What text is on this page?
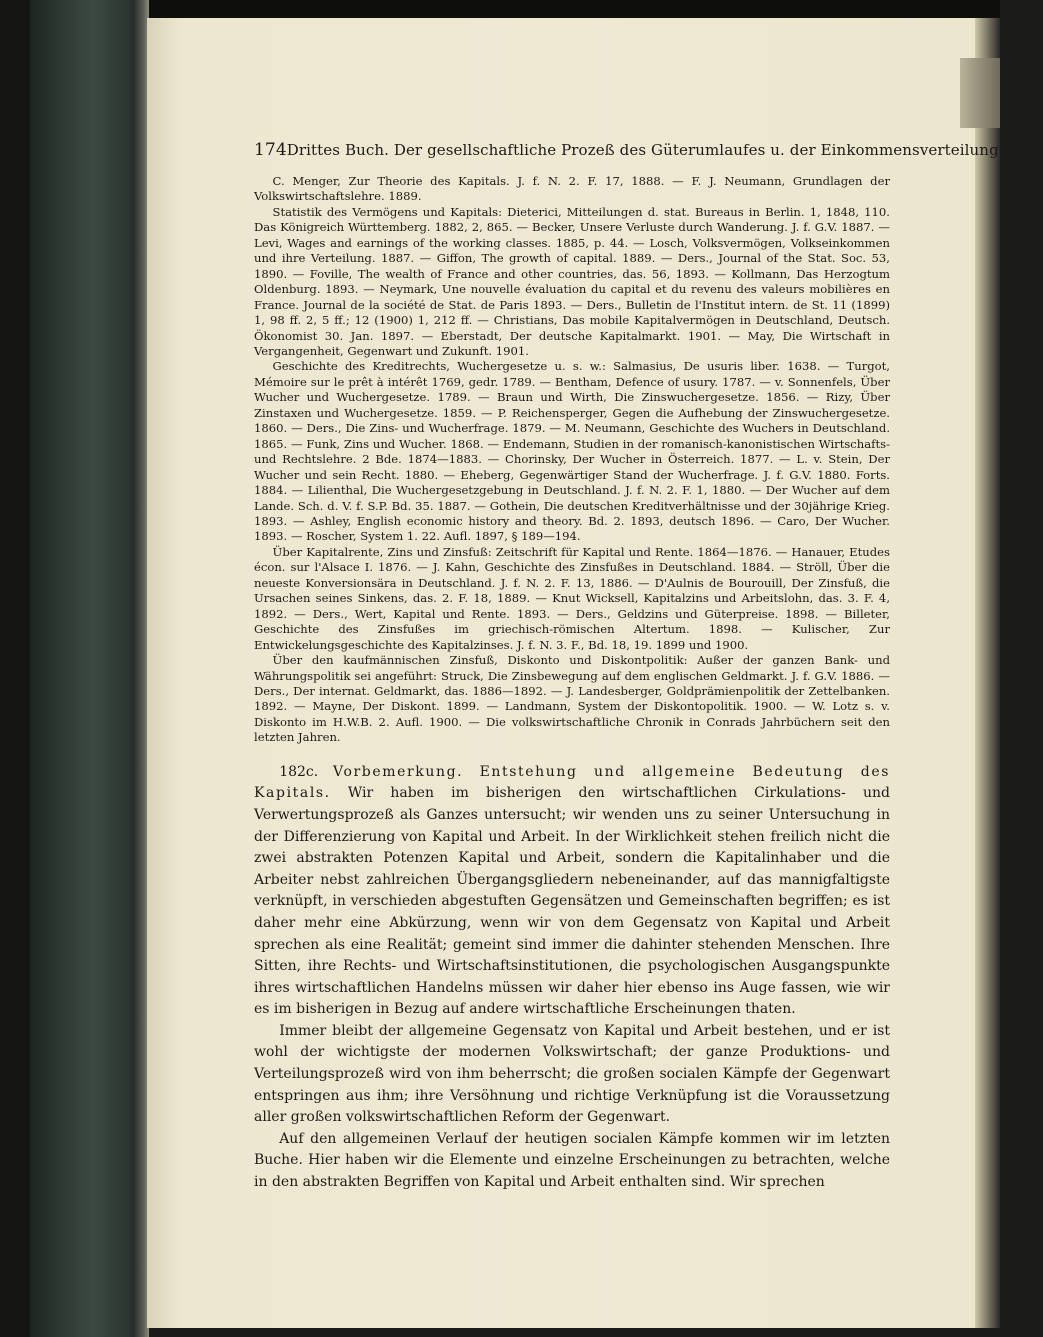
174 Drittes Buch. Der gesellschaftliche Prozeß des Güterumlaufes u. der Einkommensverteilung. [632

C. Menger, Zur Theorie des Kapitals. J. f. N. 2. F. 17, 1888. — F. J. Neumann, Grundlagen der Volkswirtschaftslehre. 1889.

Statistik des Vermögens und Kapitals: Dieterici, Mitteilungen d. stat. Bureaus in Berlin. 1, 1848, 110. Das Königreich Württemberg. 1882, 2, 865. — Becker, Unsere Verluste durch Wanderung. J. f. G.V. 1887. — Levi, Wages and earnings of the working classes. 1885, p. 44. — Losch, Volksvermögen, Volkseinkommen und ihre Verteilung. 1887. — Giffon, The growth of capital. 1889. — Ders., Journal of the Stat. Soc. 53, 1890. — Foville, The wealth of France and other countries, das. 56, 1893. — Kollmann, Das Herzogtum Oldenburg. 1893. — Neymark, Une nouvelle évaluation du capital et du revenu des valeurs mobilières en France. Journal de la société de Stat. de Paris 1893. — Ders., Bulletin de l'Institut intern. de St. 11 (1899) 1, 98 ff. 2, 5 ff.; 12 (1900) 1, 212 ff. — Christians, Das mobile Kapitalvermögen in Deutschland, Deutsch. Ökonomist 30. Jan. 1897. — Eberstadt, Der deutsche Kapitalmarkt. 1901. — May, Die Wirtschaft in Vergangenheit, Gegenwart und Zukunft. 1901.

Geschichte des Kreditrechts, Wuchergesetze u. s. w.: Salmasius, De usuris liber. 1638. — Turgot, Mémoire sur le prêt à intérêt 1769, gedr. 1789. — Bentham, Defence of usury. 1787. — v. Sonnenfels, Über Wucher und Wuchergesetze. 1789. — Braun und Wirth, Die Zinswuchergesetze. 1856. — Rizy, Über Zinstaxen und Wuchergesetze. 1859. — P. Reichensperger, Gegen die Aufhebung der Zinswuchergesetze. 1860. — Ders., Die Zins- und Wucherfrage. 1879. — M. Neumann, Geschichte des Wuchers in Deutschland. 1865. — Funk, Zins und Wucher. 1868. — Endemann, Studien in der romanisch-kanonistischen Wirtschafts- und Rechtslehre. 2 Bde. 1874—1883. — Chorinsky, Der Wucher in Österreich. 1877. — L. v. Stein, Der Wucher und sein Recht. 1880. — Eheberg, Gegenwärtiger Stand der Wucherfrage. J. f. G.V. 1880. Forts. 1884. — Lilienthal, Die Wuchergesetzgebung in Deutschland. J. f. N. 2. F. 1, 1880. — Der Wucher auf dem Lande. Sch. d. V. f. S.P. Bd. 35. 1887. — Gothein, Die deutschen Kreditverhältnisse und der 30jährige Krieg. 1893. — Ashley, English economic history and theory. Bd. 2. 1893, deutsch 1896. — Caro, Der Wucher. 1893. — Roscher, System 1. 22. Aufl. 1897, § 189—194.

Über Kapitalrente, Zins und Zinsfuß: Zeitschrift für Kapital und Rente. 1864—1876. — Hanauer, Etudes écon. sur l'Alsace I. 1876. — J. Kahn, Geschichte des Zinsfußes in Deutschland. 1884. — Ströll, Über die neueste Konversionsära in Deutschland. J. f. N. 2. F. 13, 1886. — D'Aulnis de Bourouill, Der Zinsfuß, die Ursachen seines Sinkens, das. 2. F. 18, 1889. — Knut Wicksell, Kapitalzins und Arbeitslohn, das. 3. F. 4, 1892. — Ders., Wert, Kapital und Rente. 1893. — Ders., Geldzins und Güterpreise. 1898. — Billeter, Geschichte des Zinsfußes im griechisch-römischen Altertum. 1898. — Kulischer, Zur Entwickelungsgeschichte des Kapitalzinses. J. f. N. 3. F., Bd. 18, 19. 1899 und 1900.

Über den kaufmännischen Zinsfuß, Diskonto und Diskontpolitik: Außer der ganzen Bank- und Währungspolitik sei angeführt: Struck, Die Zinsbewegung auf dem englischen Geldmarkt. J. f. G.V. 1886. — Ders., Der internat. Geldmarkt, das. 1886—1892. — J. Landesberger, Goldprämienpolitik der Zettelbanken. 1892. — Mayne, Der Diskont. 1899. — Landmann, System der Diskontopolitik. 1900. — W. Lotz s. v. Diskonto im H.W.B. 2. Aufl. 1900. — Die volkswirtschaftliche Chronik in Conrads Jahrbüchern seit den letzten Jahren.

182c. Vorbemerkung. Entstehung und allgemeine Bedeutung des Kapitals. Wir haben im bisherigen den wirtschaftlichen Cirkulations- und Verwertungsprozeß als Ganzes untersucht; wir wenden uns zu seiner Untersuchung in der Differenzierung von Kapital und Arbeit. In der Wirklichkeit stehen freilich nicht die zwei abstrakten Potenzen Kapital und Arbeit, sondern die Kapitalinhaber und die Arbeiter nebst zahlreichen Übergangsgliedern nebeneinander, auf das mannigfaltigste verknüpft, in verschieden abgestuften Gegensätzen und Gemeinschaften begriffen; es ist daher mehr eine Abkürzung, wenn wir von dem Gegensatz von Kapital und Arbeit sprechen als eine Realität; gemeint sind immer die dahinter stehenden Menschen. Ihre Sitten, ihre Rechts- und Wirtschaftsinstitutionen, die psychologischen Ausgangspunkte ihres wirtschaftlichen Handelns müssen wir daher hier ebenso ins Auge fassen, wie wir es im bisherigen in Bezug auf andere wirtschaftliche Erscheinungen thaten.

Immer bleibt der allgemeine Gegensatz von Kapital und Arbeit bestehen, und er ist wohl der wichtigste der modernen Volkswirtschaft; der ganze Produktions- und Verteilungsprozeß wird von ihm beherrscht; die großen socialen Kämpfe der Gegenwart entspringen aus ihm; ihre Versöhnung und richtige Verknüpfung ist die Voraussetzung aller großen volkswirtschaftlichen Reform der Gegenwart.

Auf den allgemeinen Verlauf der heutigen socialen Kämpfe kommen wir im letzten Buche. Hier haben wir die Elemente und einzelne Erscheinungen zu betrachten, welche in den abstrakten Begriffen von Kapital und Arbeit enthalten sind. Wir sprechen
